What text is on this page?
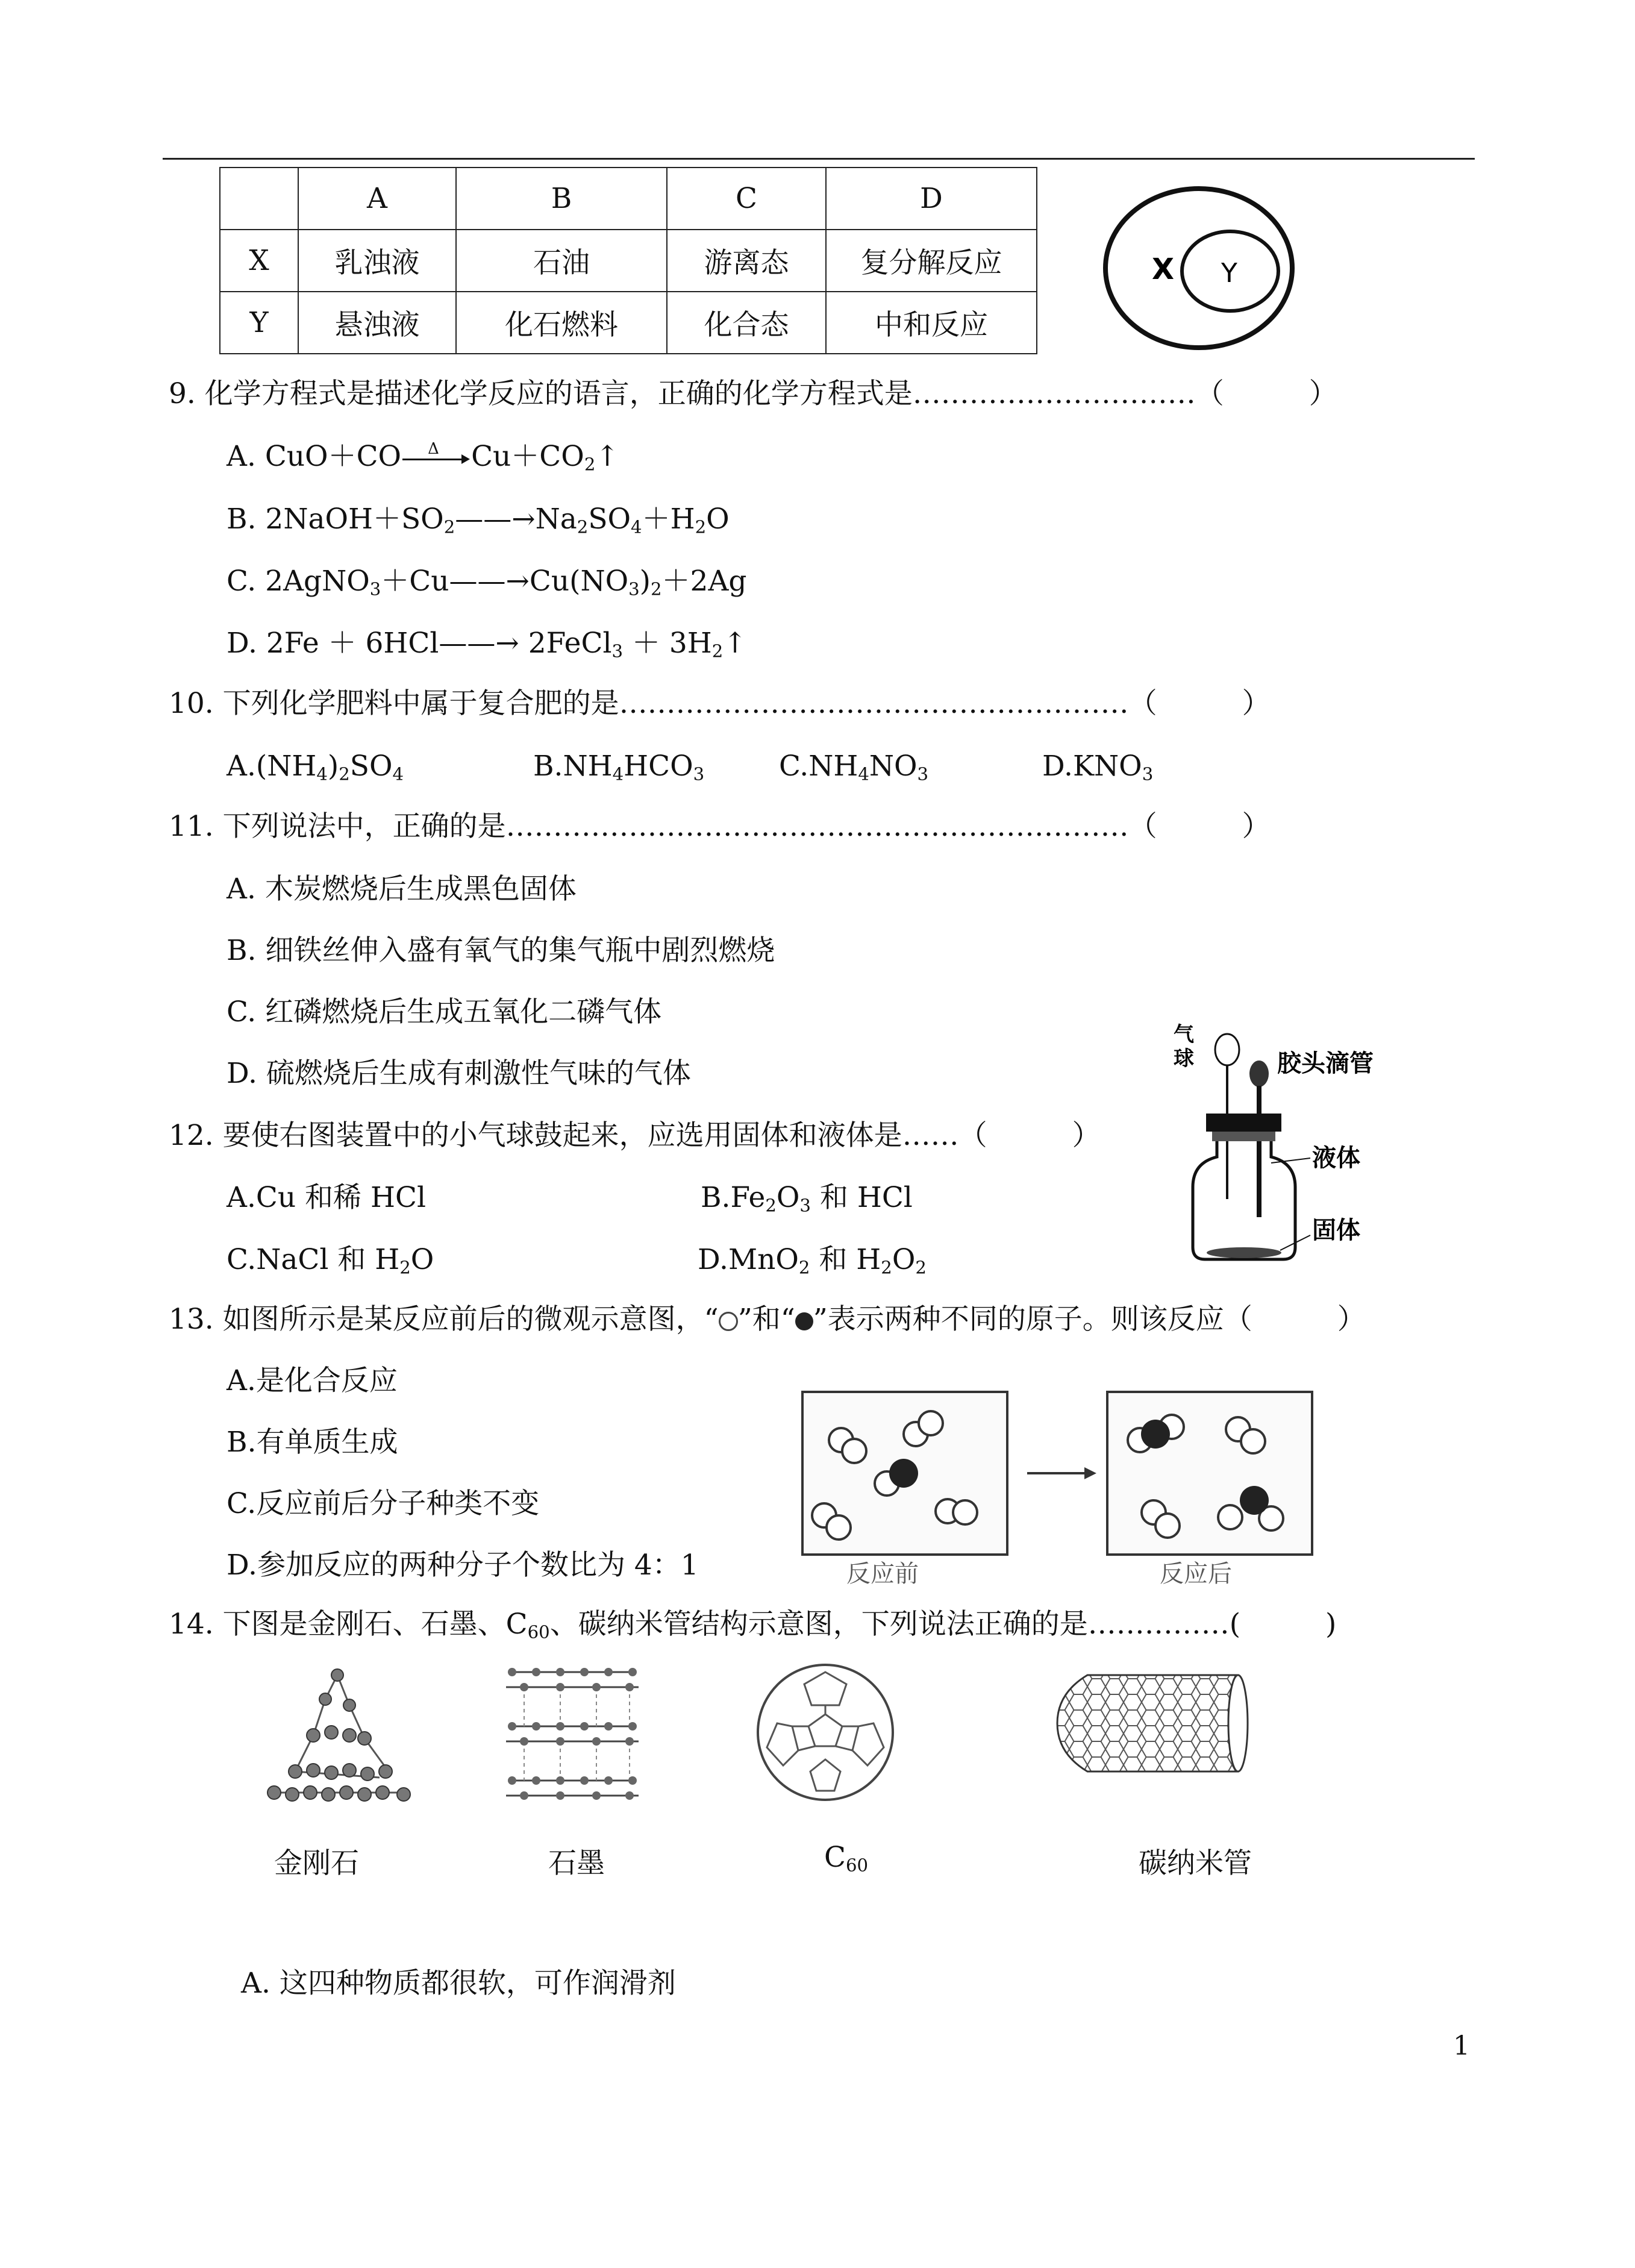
	A	B	C	D
X	乳浊液	石油	游离态	复分解反应
Y	悬浊液	化石燃料	化合态	中和反应
X Y
9. 化学方程式是描述化学反应的语言，正确的化学方程式是…………………………（　　　）
A. CuO＋CO Δ $Cu+CO_2↑$
B. $2NaOH+SO_2——\to Na_2SO_4+H_2O$
C. $2AgNO_3+Cu——\to Cu(NO_3)_2+2Ag$
D. 2Fe ＋ 6HCl——→ 2FeCl$_3$ ＋ $3H_2↑$
10. 下列化学肥料中属于复合肥的是………………………………………………（　　　）
$A.(NH_4)_2SO_4$	$B.NH_4HCO_3$	$C.NH_4NO_3$	$D.KNO_3$
11. 下列说法中，正确的是…………………………………………………………（　　　）
A. 木炭燃烧后生成黑色固体
B. 细铁丝伸入盛有氧气的集气瓶中剧烈燃烧
C. 红磷燃烧后生成五氧化二磷气体
D. 硫燃烧后生成有刺激性气味的气体
气
球	胶头滴管
液体
固体
12. 要使右图装置中的小气球鼓起来，应选用固体和液体是……（　　　）
A.Cu 和稀 HCl	$B.Fe_2O_3$ 和 HCl
C.NaCl 和 $H_2O$	D.MnO$_2$ 和 $H_2O_2$
13. 如图所示是某反应前后的微观示意图，“ ”和“ ”表示两种不同的原子。则该反应（　　　）
A.是化合反应
B.有单质生成
C.反应前后分子种类不变
D.参加反应的两种分子个数比为 4：1	反应前	反应后
14. 下图是金刚石、石墨、$C_{60}$、碳纳米管结构示意图，下列说法正确的是……………(　　　)
金刚石	石墨	$C_{60}$	碳纳米管
A. 这四种物质都很软，可作润滑剂
1
